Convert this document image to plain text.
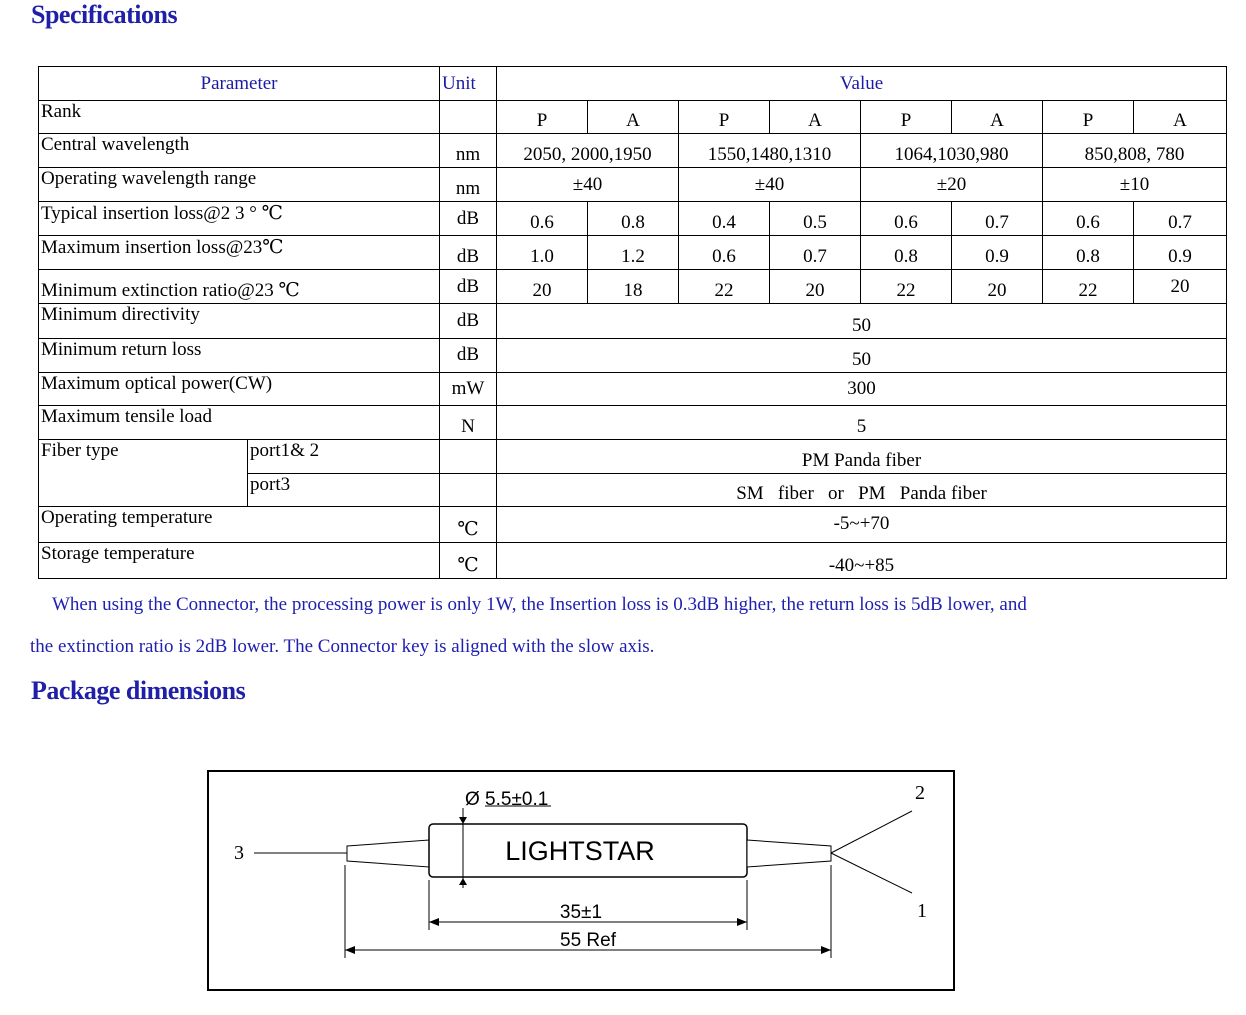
Specifications
Parameter		Unit	Value							
Rank			P	A	P	A	P	A	P	A
Central wavelength		nm	2050, 2000,1950		1550,1480,1310		1064,1030,980		850,808, 780	
Operating wavelength range		nm	±40		±40		±20		±10	
Typical insertion loss@2 3 ° ℃		dB	0.6	0.8	0.4	0.5	0.6	0.7	0.6	0.7
Maximum insertion loss@23℃		dB	1.0	1.2	0.6	0.7	0.8	0.9	0.8	0.9
Minimum extinction ratio@23 ℃		dB	20	18	22	20	22	20	22	20
Minimum directivity		dB	50							
Minimum return loss		dB	50							
Maximum optical power(CW)		mW	300							
Maximum tensile load		N	5							
Fiber type	port1& 2		PM Panda fiber							
	port3		SM   fiber   or   PM   Panda fiber							
Operating temperature		℃	-5~+70							
Storage temperature		℃	-40~+85							

When using the Connector, the processing power is only 1W, the Insertion loss is 0.3dB higher, the return loss is 5dB lower, and

the extinction ratio is 2dB lower. The Connector key is aligned with the slow axis.

Package dimensions
3	LIGHTSTAR
2
1
Ø 5.5±0.1
35±1
55 Ref
